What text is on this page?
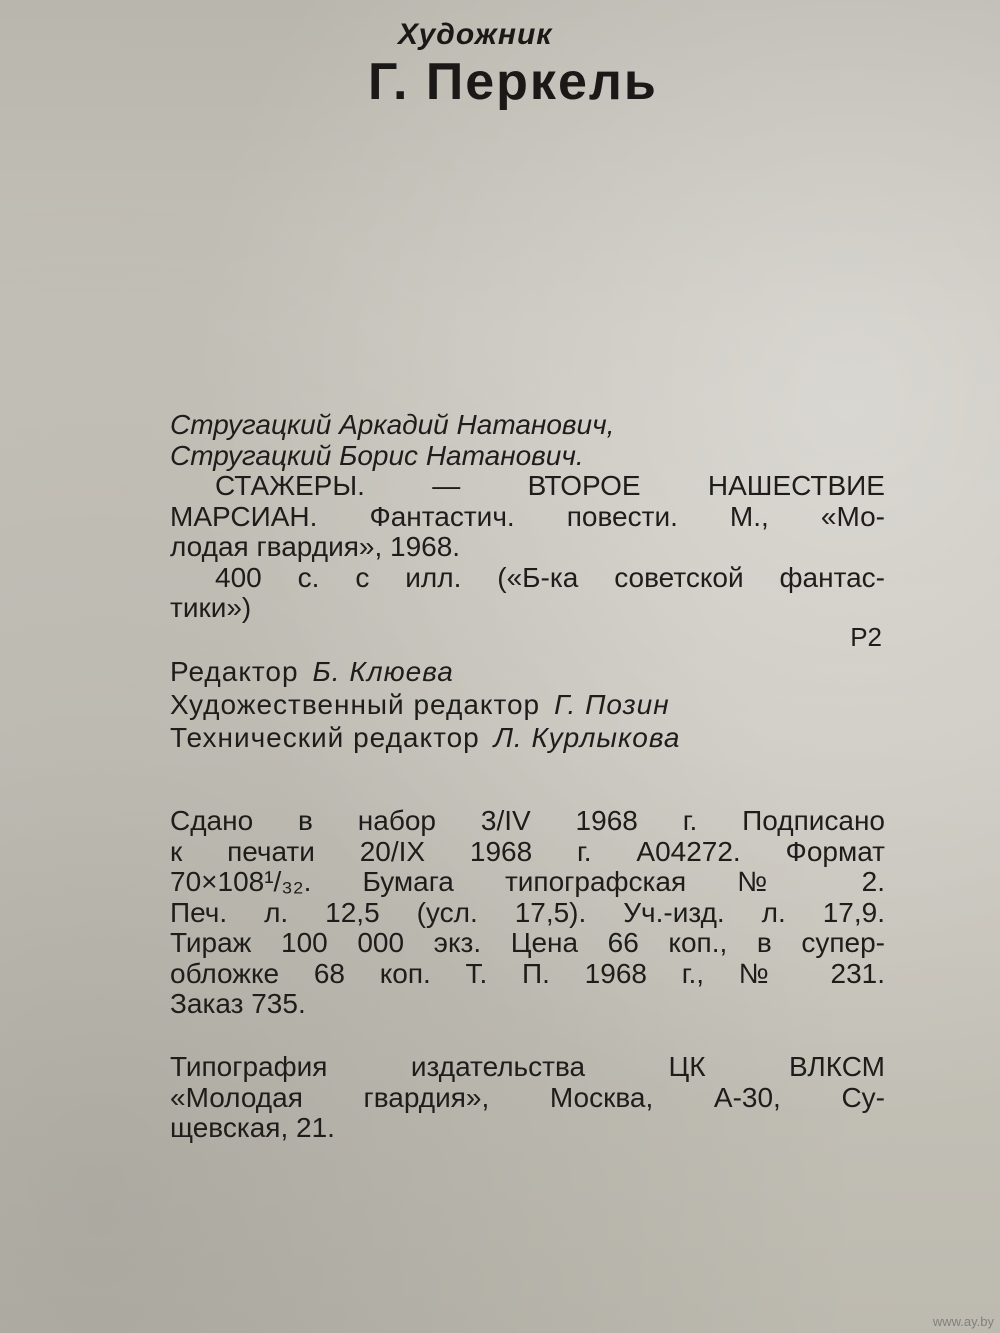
Художник
Г. Перкель
Стругацкий Аркадий Натанович,
Стругацкий Борис Натанович.
СТАЖЕРЫ. — ВТОРОЕ НАШЕСТВИЕ
МАРСИАН. Фантастич. повести. М., «Мо-
лодая гвардия», 1968.
400 с. с илл. («Б-ка советской фантас-
тики»)
Р2
Редактор Б. Клюева
Художественный редактор Г. Позин
Технический редактор Л. Курлыкова
Сдано в набор 3/IV 1968 г. Подписано
к печати 20/IX 1968 г. А04272. Формат
70×108¹/₃₂. Бумага типографская № 2.
Печ. л. 12,5 (усл. 17,5). Уч.-изд. л. 17,9.
Тираж 100 000 экз. Цена 66 коп., в супер-
обложке 68 коп. Т. П. 1968 г., № 231.
Заказ 735.
Типография издательства ЦК ВЛКСМ
«Молодая гвардия», Москва, А-30, Су-
щевская, 21.
www.ay.by
